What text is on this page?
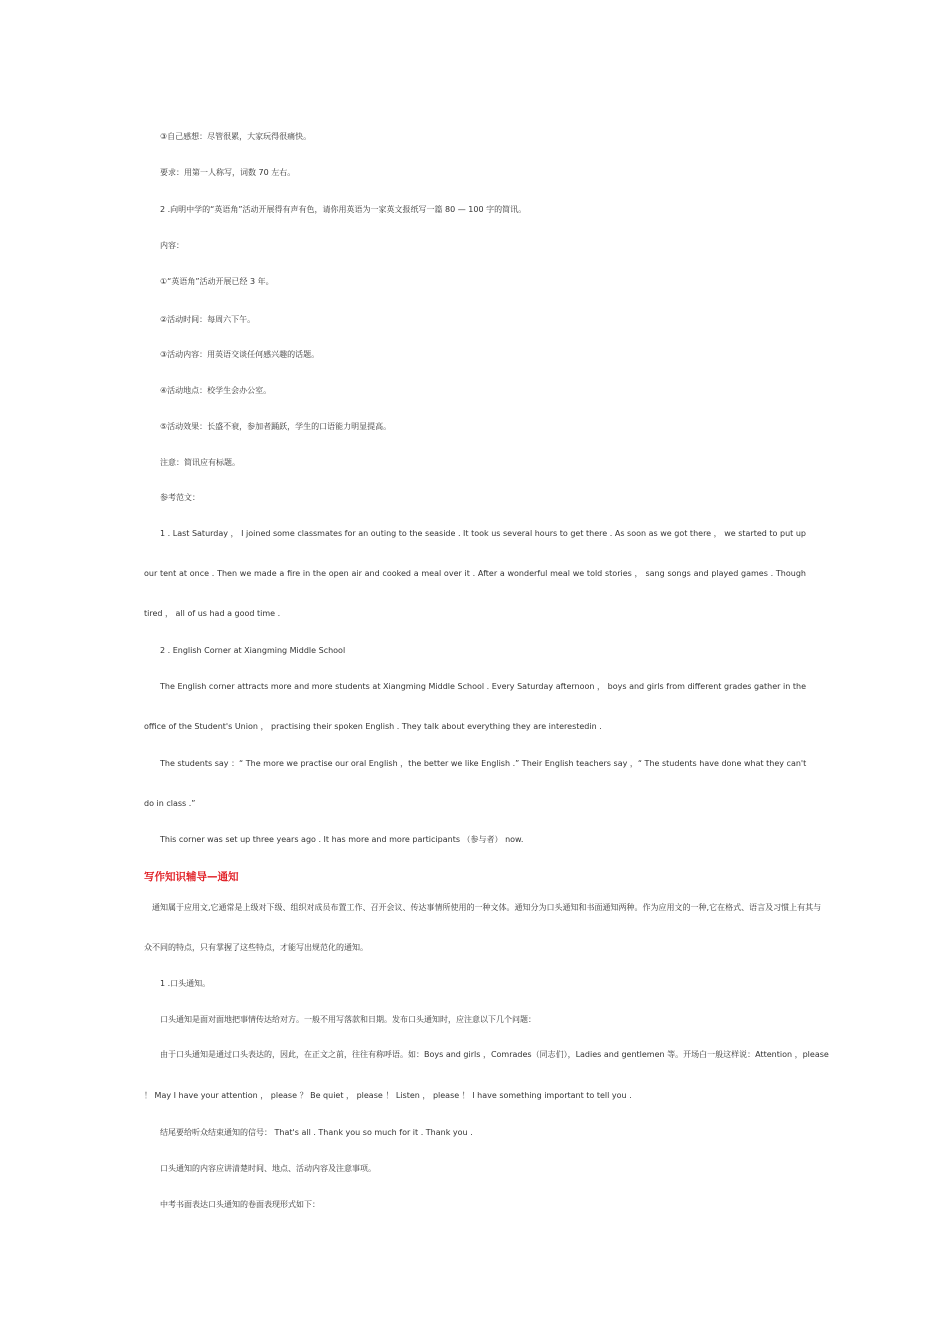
③自己感想：尽管很累，大家玩得很痛快。
要求：用第一人称写，词数 70 左右。
2 .向明中学的“英语角”活动开展得有声有色，请你用英语为一家英文报纸写一篇 80 — 100 字的简讯。
内容：
①“英语角”活动开展已经 3 年。
②活动时间：每周六下午。
③活动内容：用英语交谈任何感兴趣的话题。
④活动地点：校学生会办公室。
⑤活动效果：长盛不衰，参加者踊跃，学生的口语能力明显提高。
注意：简讯应有标题。
参考范文：
1 . Last Saturday ， I joined some classmates for an outing to the seaside . It took us several hours to get there . As soon as we got there ， we started to put up
our tent at once . Then we made a fire in the open air and cooked a meal over it . After a wonderful meal we told stories ， sang songs and played games . Though
tired ， all of us had a good time .
2 . English Corner at Xiangming Middle School
The English corner attracts more and more students at Xiangming Middle School . Every Saturday afternoon ， boys and girls from different grades gather in the
office of the Student's Union ， practising their spoken English . They talk about everything they are interestedin .
The students say ：“ The more we practise our oral English ，the better we like English .” Their English teachers say ，“ The students have done what they can't
do in class .”
This corner was set up three years ago . It has more and more participants （参与者） now.
写作知识辅导—通知
通知属于应用文,它通常是上级对下级、组织对成员布置工作、召开会议、传达事情所使用的一种文体。通知分为口头通知和书面通知两种。作为应用文的一种,它在格式、语言及习惯上有其与
众不同的特点，只有掌握了这些特点，才能写出规范化的通知。
1 .口头通知。
口头通知是面对面地把事情传达给对方。一般不用写落款和日期。发布口头通知时，应注意以下几个问题：
由于口头通知是通过口头表达的，因此，在正文之前，往往有称呼语。如：Boys and girls ，Comrades（同志们），Ladies and gentlemen 等。开场白一般这样说：Attention ，please
！ May I have your attention ， please ？ Be quiet ， please ！ Listen ， please ！ I have something important to tell you .
结尾要给听众结束通知的信号： That's all . Thank you so much for it . Thank you .
口头通知的内容应讲清楚时间、地点、活动内容及注意事项。
中考书面表达口头通知的卷面表现形式如下：
